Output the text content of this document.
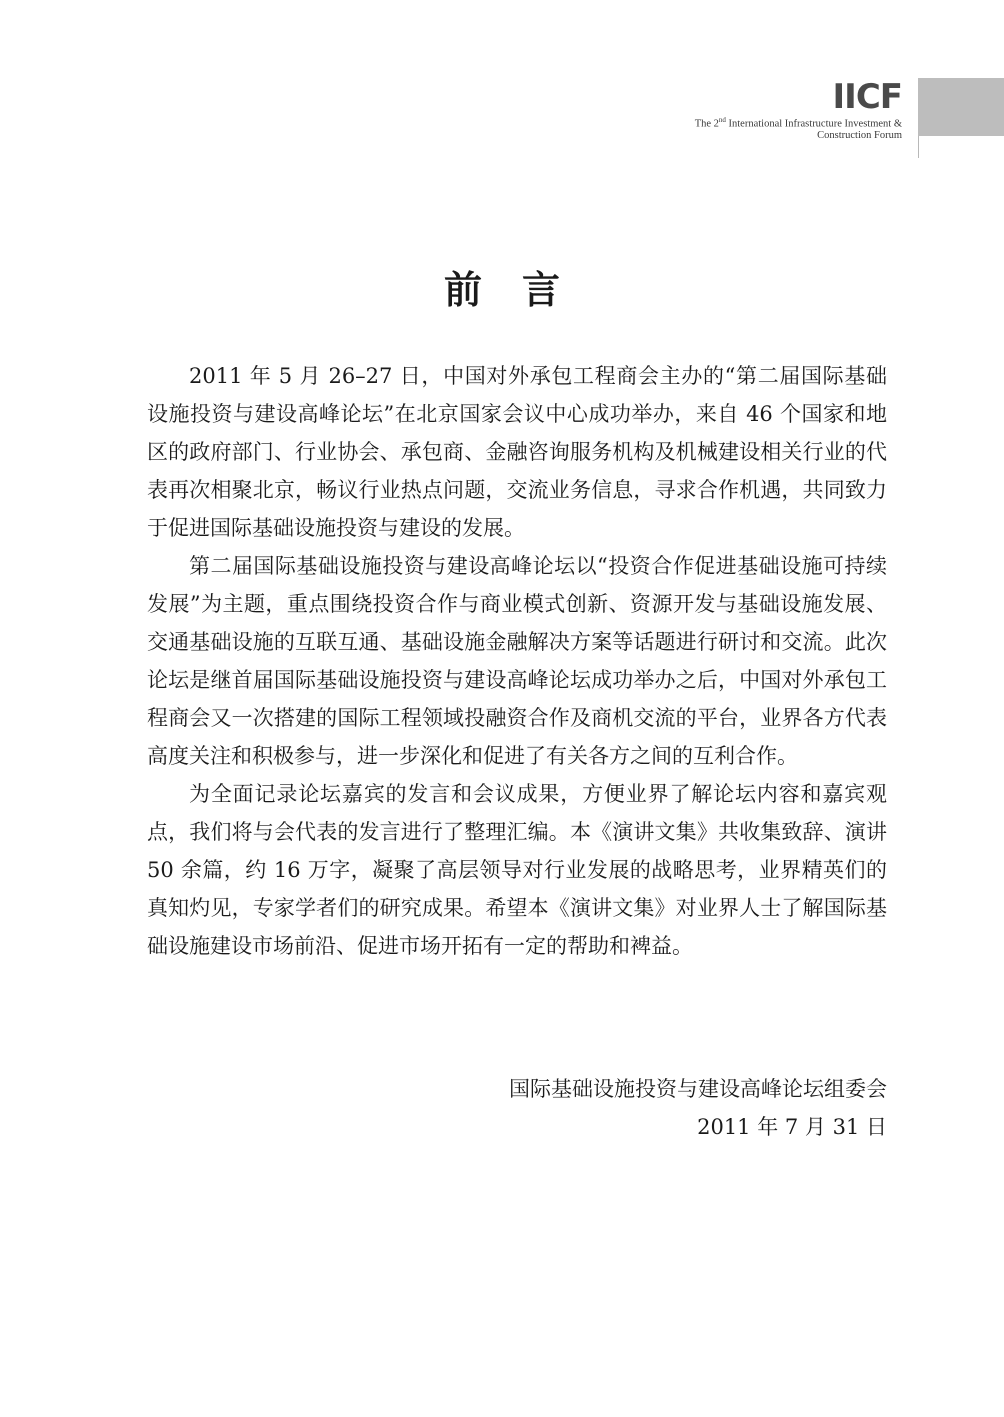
IICF
The 2nd International Infrastructure Investment &
Construction Forum
前言

2011 年 5 月 26–27 日，中国对外承包工程商会主办的“第二届国际基础设施投资与建设高峰论坛”在北京国家会议中心成功举办，来自 46 个国家和地区的政府部门、行业协会、承包商、金融咨询服务机构及机械建设相关行业的代表再次相聚北京，畅议行业热点问题，交流业务信息，寻求合作机遇，共同致力于促进国际基础设施投资与建设的发展。

第二届国际基础设施投资与建设高峰论坛以“投资合作促进基础设施可持续发展”为主题，重点围绕投资合作与商业模式创新、资源开发与基础设施发展、交通基础设施的互联互通、基础设施金融解决方案等话题进行研讨和交流。此次论坛是继首届国际基础设施投资与建设高峰论坛成功举办之后，中国对外承包工程商会又一次搭建的国际工程领域投融资合作及商机交流的平台，业界各方代表高度关注和积极参与，进一步深化和促进了有关各方之间的互利合作。

为全面记录论坛嘉宾的发言和会议成果，方便业界了解论坛内容和嘉宾观点，我们将与会代表的发言进行了整理汇编。本《演讲文集》共收集致辞、演讲 50 余篇，约 16 万字，凝聚了高层领导对行业发展的战略思考，业界精英们的真知灼见，专家学者们的研究成果。希望本《演讲文集》对业界人士了解国际基础设施建设市场前沿、促进市场开拓有一定的帮助和裨益。

国际基础设施投资与建设高峰论坛组委会
2011 年 7 月 31 日
